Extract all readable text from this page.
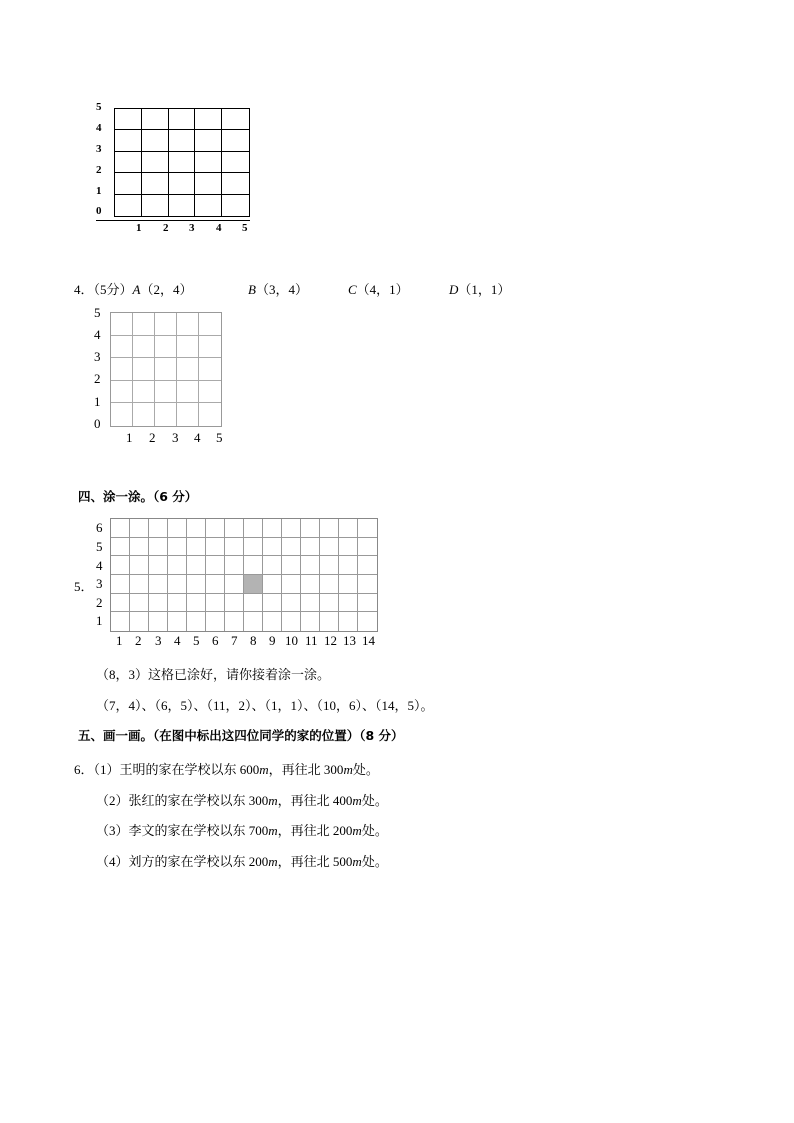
5
4
3
2
1
0
1 2 3 4 5
4．（5分）A（2，4）	B（3，4）	C（4，1）	D（1，1）
5
4
3
2
1
0
1 2 3 4 5
四、涂一涂。（6 分）
5．
6
5
4
3
2
1
1 2 3 4 5 6 7 8 9 10 11 12 13 14
（8，3）这格已涂好，请你接着涂一涂。
（7，4）、（6，5）、（11，2）、（1，1）、（10，6）、（14，5）。
五、画一画。（在图中标出这四位同学的家的位置）（8 分）
6．（1）王明的家在学校以东 600m，再往北 300m处。
（2）张红的家在学校以东 300m，再往北 400m处。
（3）李文的家在学校以东 700m，再往北 200m处。
（4）刘方的家在学校以东 200m，再往北 500m处。
